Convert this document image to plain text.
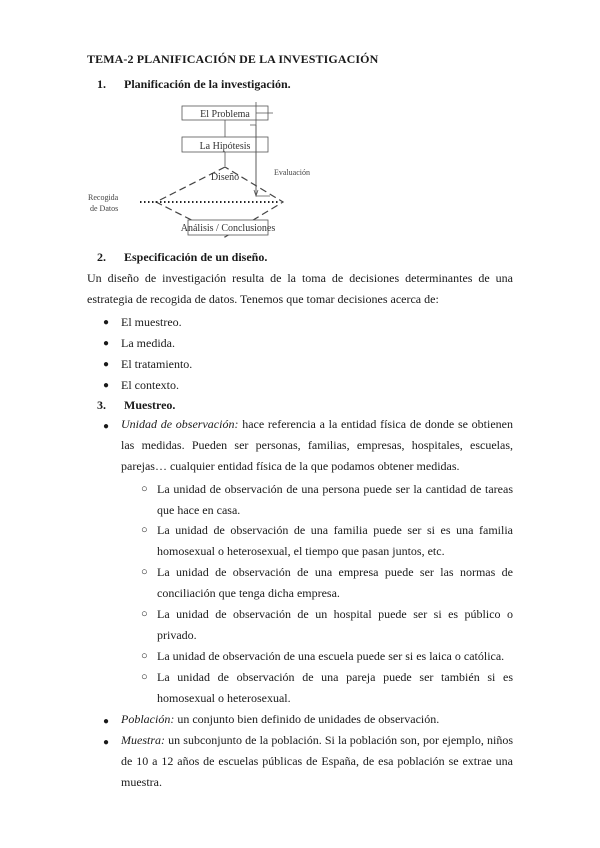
TEMA-2 PLANIFICACIÓN DE LA INVESTIGACIÓN
1. Planificación de la investigación.
El Problema
La Hipótesis
Evaluación
Diseño
Recogida
de Datos
Análisis / Conclusiones
2. Especificación de un diseño.
Un diseño de investigación resulta de la toma de decisiones determinantes de una estrategia de recogida de datos. Tenemos que tomar decisiones acerca de:
● El muestreo.
● La medida.
● El tratamiento.
● El contexto.
3. Muestreo.
● Unidad de observación: hace referencia a la entidad física de donde se obtienen las medidas. Pueden ser personas, familias, empresas, hospitales, escuelas, parejas… cualquier entidad física de la que podamos obtener medidas.
○ La unidad de observación de una persona puede ser la cantidad de tareas que hace en casa.
○ La unidad de observación de una familia puede ser si es una familia homosexual o heterosexual, el tiempo que pasan juntos, etc.
○ La unidad de observación de una empresa puede ser las normas de conciliación que tenga dicha empresa.
○ La unidad de observación de un hospital puede ser si es público o privado.
○ La unidad de observación de una escuela puede ser si es laica o católica.
○ La unidad de observación de una pareja puede ser también si es homosexual o heterosexual.
● Población: un conjunto bien definido de unidades de observación.
● Muestra: un subconjunto de la población. Si la población son, por ejemplo, niños de 10 a 12 años de escuelas públicas de España, de esa población se extrae una muestra.
